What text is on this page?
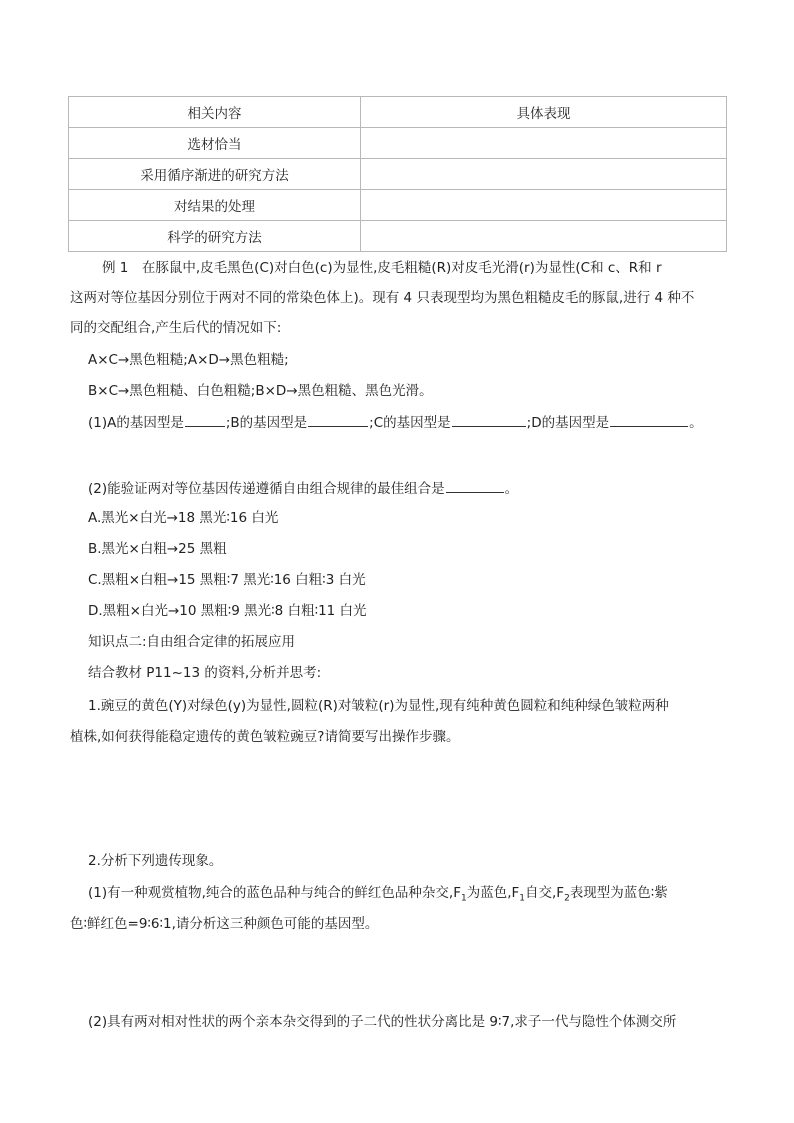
相关内容	具体表现
选材恰当	
采用循序渐进的研究方法	
对结果的处理	
科学的研究方法	
例 1　在豚鼠中,皮毛黑色(C)对白色(c)为显性,皮毛粗糙(R)对皮毛光滑(r)为显性(C和 c、R和 r
这两对等位基因分别位于两对不同的常染色体上)。现有 4 只表现型均为黑色粗糙皮毛的豚鼠,进行 4 种不
同的交配组合,产生后代的情况如下:
A×C→黑色粗糙;A×D→黑色粗糙;
B×C→黑色粗糙、白色粗糙;B×D→黑色粗糙、黑色光滑。
(1)A的基因型是	;B的基因型是	;C的基因型是	;D的基因型是	。
(2)能验证两对等位基因传递遵循自由组合规律的最佳组合是	。
A.黑光×白光→18 黑光∶16 白光
B.黑光×白粗→25 黑粗
C.黑粗×白粗→15 黑粗∶7 黑光∶16 白粗∶3 白光
D.黑粗×白光→10 黑粗∶9 黑光∶8 白粗∶11 白光
知识点二:自由组合定律的拓展应用
结合教材 P11~13 的资料,分析并思考:
1.豌豆的黄色(Y)对绿色(y)为显性,圆粒(R)对皱粒(r)为显性,现有纯种黄色圆粒和纯种绿色皱粒两种
植株,如何获得能稳定遗传的黄色皱粒豌豆?请简要写出操作步骤。
2.分析下列遗传现象。
(1)有一种观赏植物,纯合的蓝色品种与纯合的鲜红色品种杂交$,F_1$为蓝色$,F_1$自交$,F_2$表现型为蓝色∶紫
色∶鲜红色=9∶6∶1,请分析这三种颜色可能的基因型。
(2)具有两对相对性状的两个亲本杂交得到的子二代的性状分离比是 9∶7,求子一代与隐性个体测交所
